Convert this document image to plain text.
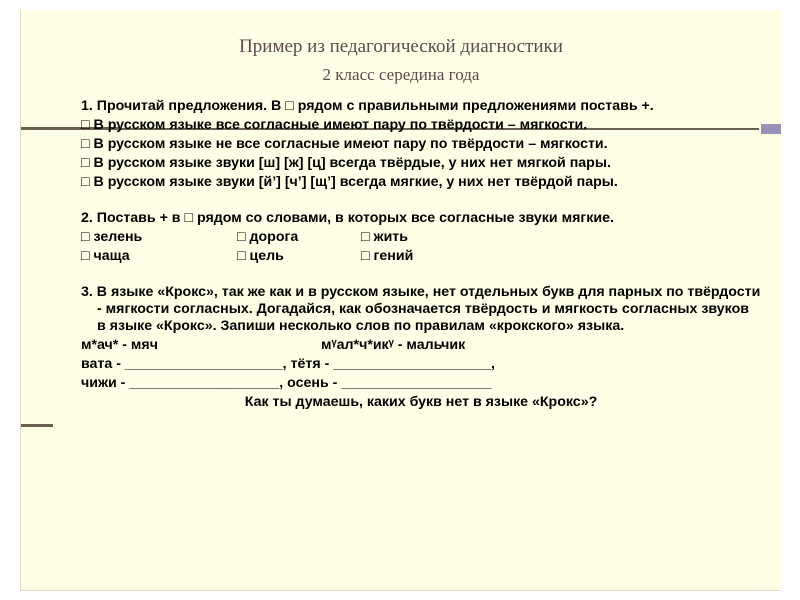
Пример из педагогической диагностики
2 класс середина года

1. Прочитай предложения. В □ рядом с правильными предложениями поставь +.

□ В русском языке все согласные имеют пару по твёрдости – мягкости.

□ В русском языке не все согласные имеют пару по твёрдости – мягкости.

□ В русском языке звуки [ш] [ж] [ц] всегда твёрдые, у них нет мягкой пары.

□ В русском языке звуки [й’] [ч’] [щ’] всегда мягкие, у них нет твёрдой пары.

2. Поставь + в □ рядом со словами, в которых все согласные звуки мягкие.

□ зелень	□ дорога	□ жить
□ чаща	□ цель	□ гений

3. В языке «Крокс», так же как и в русском языке, нет отдельных букв для парных по твёрдости - мягкости согласных. Догадайся, как обозначается твёрдость и мягкость согласных звуков в языке «Крокс». Запиши несколько слов по правилам «крокского» языка.

м*ач* - мяч	мᵞал*ч*икᵞ - мальчик

вата - ____________________, тётя - ____________________,

чижи - ___________________, осень - ___________________

Как ты думаешь, каких букв нет в языке «Крокс»?
